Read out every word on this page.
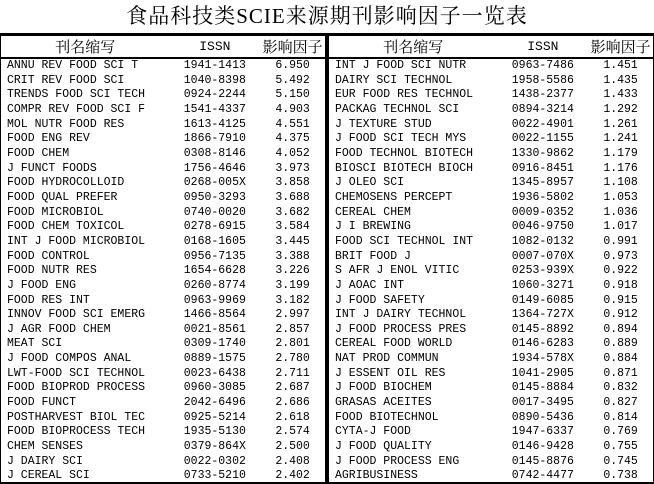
食品科技类SCIE来源期刊影响因子一览表
刊名缩写	ISSN	影响因子
ANNU REV FOOD SCI T	1941-1413	6.950
CRIT REV FOOD SCI	1040-8398	5.492
TRENDS FOOD SCI TECH	0924-2244	5.150
COMPR REV FOOD SCI F	1541-4337	4.903
MOL NUTR FOOD RES	1613-4125	4.551
FOOD ENG REV	1866-7910	4.375
FOOD CHEM	0308-8146	4.052
J FUNCT FOODS	1756-4646	3.973
FOOD HYDROCOLLOID	0268-005X	3.858
FOOD QUAL PREFER	0950-3293	3.688
FOOD MICROBIOL	0740-0020	3.682
FOOD CHEM TOXICOL	0278-6915	3.584
INT J FOOD MICROBIOL	0168-1605	3.445
FOOD CONTROL	0956-7135	3.388
FOOD NUTR RES	1654-6628	3.226
J FOOD ENG	0260-8774	3.199
FOOD RES INT	0963-9969	3.182
INNOV FOOD SCI EMERG	1466-8564	2.997
J AGR FOOD CHEM	0021-8561	2.857
MEAT SCI	0309-1740	2.801
J FOOD COMPOS ANAL	0889-1575	2.780
LWT-FOOD SCI TECHNOL	0023-6438	2.711
FOOD BIOPROD PROCESS	0960-3085	2.687
FOOD FUNCT	2042-6496	2.686
POSTHARVEST BIOL TEC	0925-5214	2.618
FOOD BIOPROCESS TECH	1935-5130	2.574
CHEM SENSES	0379-864X	2.500
J DAIRY SCI	0022-0302	2.408
J CEREAL SCI	0733-5210	2.402
刊名缩写	ISSN	影响因子
INT J FOOD SCI NUTR	0963-7486	1.451
DAIRY SCI TECHNOL	1958-5586	1.435
EUR FOOD RES TECHNOL	1438-2377	1.433
PACKAG TECHNOL SCI	0894-3214	1.292
J TEXTURE STUD	0022-4901	1.261
J FOOD SCI TECH MYS	0022-1155	1.241
FOOD TECHNOL BIOTECH	1330-9862	1.179
BIOSCI BIOTECH BIOCH	0916-8451	1.176
J OLEO SCI	1345-8957	1.108
CHEMOSENS PERCEPT	1936-5802	1.053
CEREAL CHEM	0009-0352	1.036
J I BREWING	0046-9750	1.017
FOOD SCI TECHNOL INT	1082-0132	0.991
BRIT FOOD J	0007-070X	0.973
S AFR J ENOL VITIC	0253-939X	0.922
J AOAC INT	1060-3271	0.918
J FOOD SAFETY	0149-6085	0.915
INT J DAIRY TECHNOL	1364-727X	0.912
J FOOD PROCESS PRES	0145-8892	0.894
CEREAL FOOD WORLD	0146-6283	0.889
NAT PROD COMMUN	1934-578X	0.884
J ESSENT OIL RES	1041-2905	0.871
J FOOD BIOCHEM	0145-8884	0.832
GRASAS ACEITES	0017-3495	0.827
FOOD BIOTECHNOL	0890-5436	0.814
CYTA-J FOOD	1947-6337	0.769
J FOOD QUALITY	0146-9428	0.755
J FOOD PROCESS ENG	0145-8876	0.745
AGRIBUSINESS	0742-4477	0.738
